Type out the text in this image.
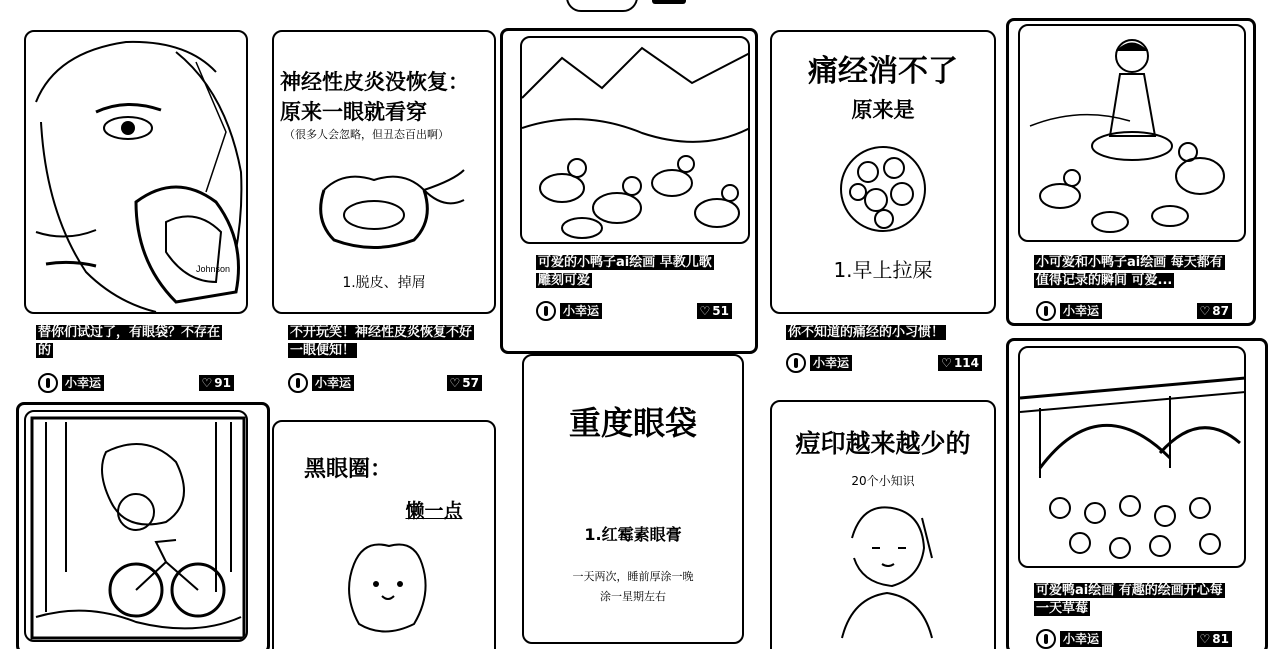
Johnson
替你们试过了，有眼袋？不存在的
小幸运	♡ 91
神经性皮炎没恢复：
原来一眼就看穿
（很多人会忽略，但丑态百出啊）
1.脱皮、掉屑
不开玩笑！神经性皮炎恢复不好一眼便知！
小幸运	♡ 57
黑眼圈：
懒一点
可爱的小鸭子ai绘画 早教儿歌 雕刻可爱
小幸运	♡ 51
重度眼袋
1.红霉素眼膏
一天两次，睡前厚涂一晚
涂一星期左右
痛经消不了
原来是
1.早上拉屎
你不知道的痛经的小习惯！
小幸运	♡ 114
痘印越来越少的
20个小知识
小可爱和小鸭子ai绘画 每天都有值得记录的瞬间 可爱...
小幸运	♡ 87
可爱鸭ai绘画 有趣的绘画开心每一天草莓
小幸运	♡ 81
